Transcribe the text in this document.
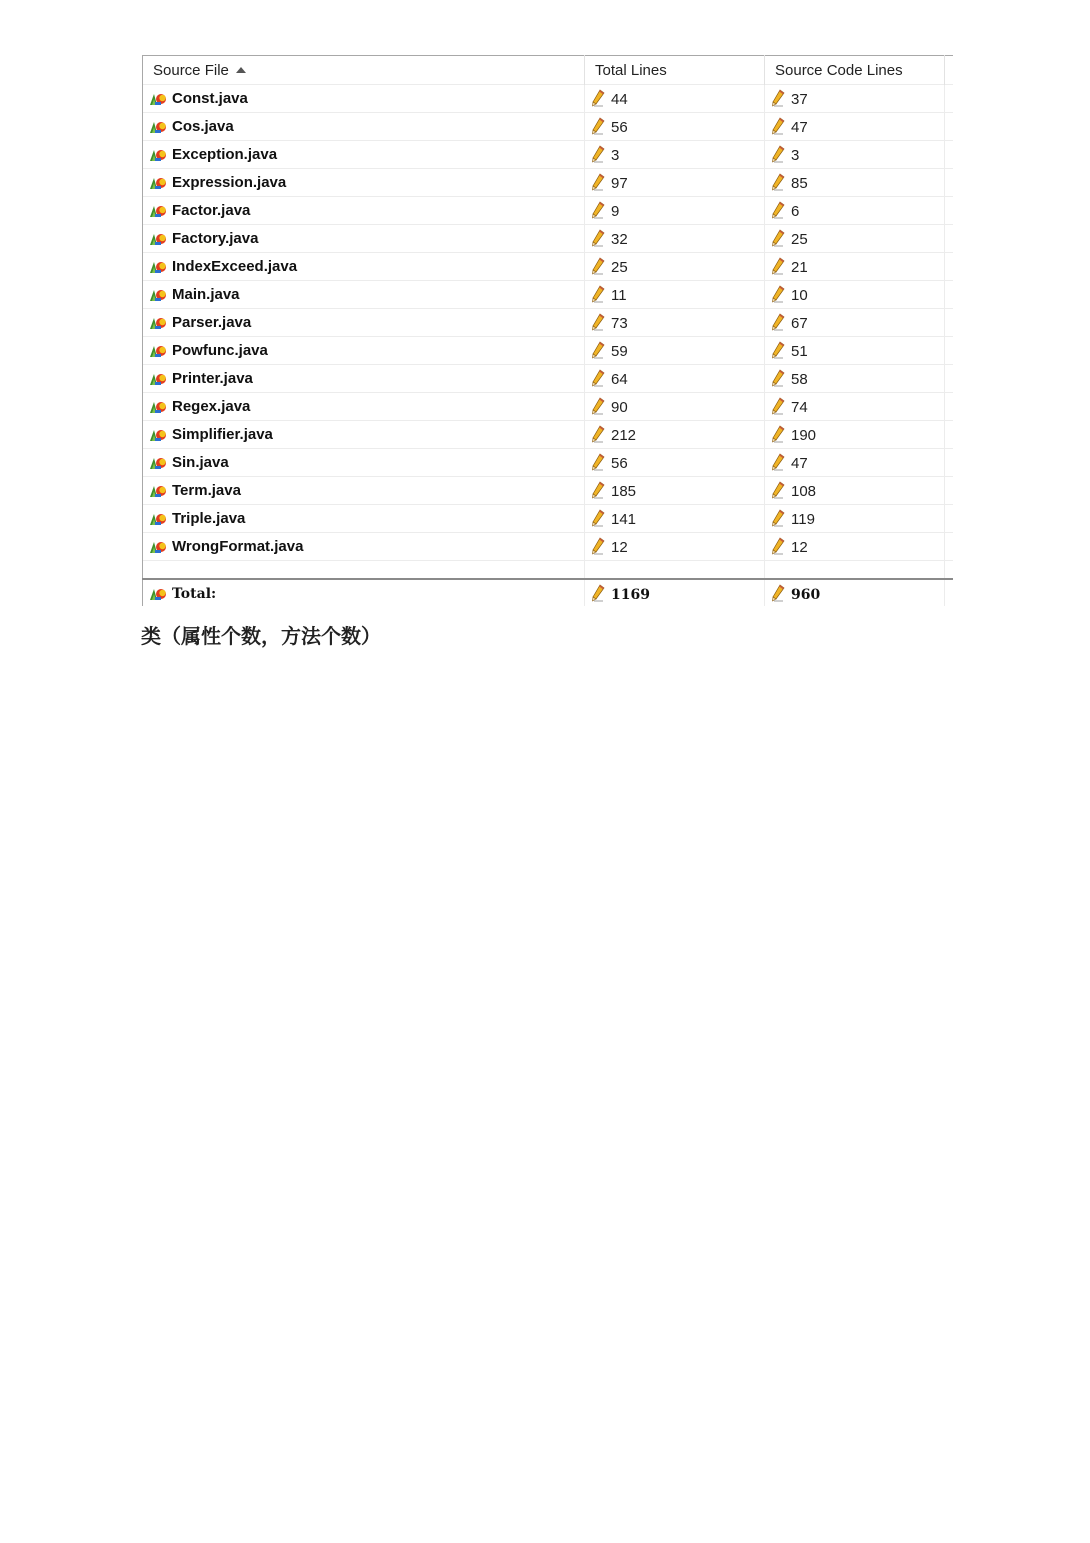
Source File	Total Lines	Source Code Lines	

Const.java	44	37	

Cos.java	56	47	

Exception.java	3	3	

Expression.java	97	85	

Factor.java	9	6	

Factory.java	32	25	

IndexExceed.java	25	21	

Main.java	11	10	

Parser.java	73	67	

Powfunc.java	59	51	

Printer.java	64	58	

Regex.java	90	74	

Simplifier.java	212	190	

Sin.java	56	47	

Term.java	185	108	

Triple.java	141	119	

WrongFormat.java	12	12	

Total:	1169	960	
类（属性个数，方法个数）
